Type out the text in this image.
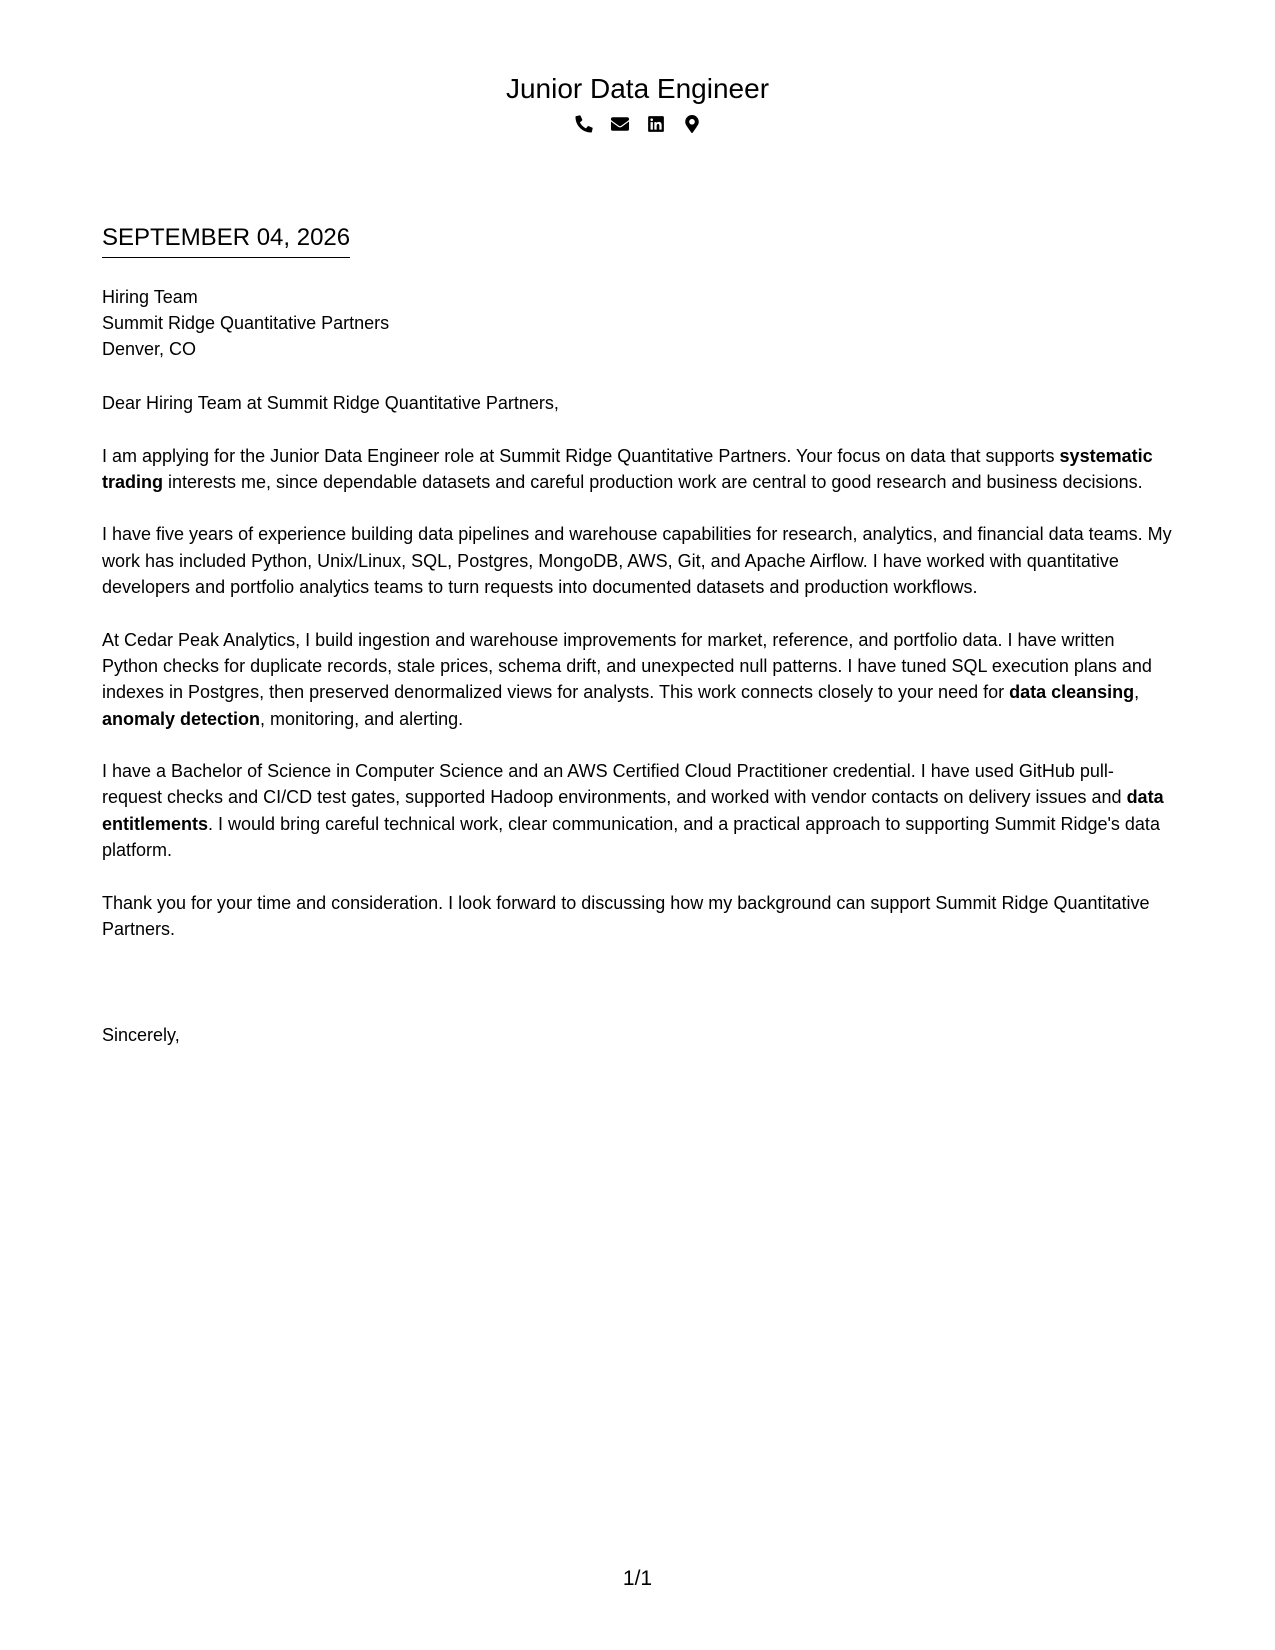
Junior Data Engineer
SEPTEMBER 04, 2026
Hiring Team
Summit Ridge Quantitative Partners
Denver, CO
Dear Hiring Team at Summit Ridge Quantitative Partners,

I am applying for the Junior Data Engineer role at Summit Ridge Quantitative Partners. Your focus on data that supports systematic trading interests me, since dependable datasets and careful production work are central to good research and business decisions.

I have five years of experience building data pipelines and warehouse capabilities for research, analytics, and financial data teams. My work has included Python, Unix/Linux, SQL, Postgres, MongoDB, AWS, Git, and Apache Airflow. I have worked with quantitative developers and portfolio analytics teams to turn requests into documented datasets and production workflows.

At Cedar Peak Analytics, I build ingestion and warehouse improvements for market, reference, and portfolio data. I have written Python checks for duplicate records, stale prices, schema drift, and unexpected null patterns. I have tuned SQL execution plans and indexes in Postgres, then preserved denormalized views for analysts. This work connects closely to your need for data cleansing, anomaly detection, monitoring, and alerting.

I have a Bachelor of Science in Computer Science and an AWS Certified Cloud Practitioner credential. I have used GitHub pull-request checks and CI/CD test gates, supported Hadoop environments, and worked with vendor contacts on delivery issues and data entitlements. I would bring careful technical work, clear communication, and a practical approach to supporting Summit Ridge's data platform.

Thank you for your time and consideration. I look forward to discussing how my background can support Summit Ridge Quantitative Partners.

Sincerely,
1/1
